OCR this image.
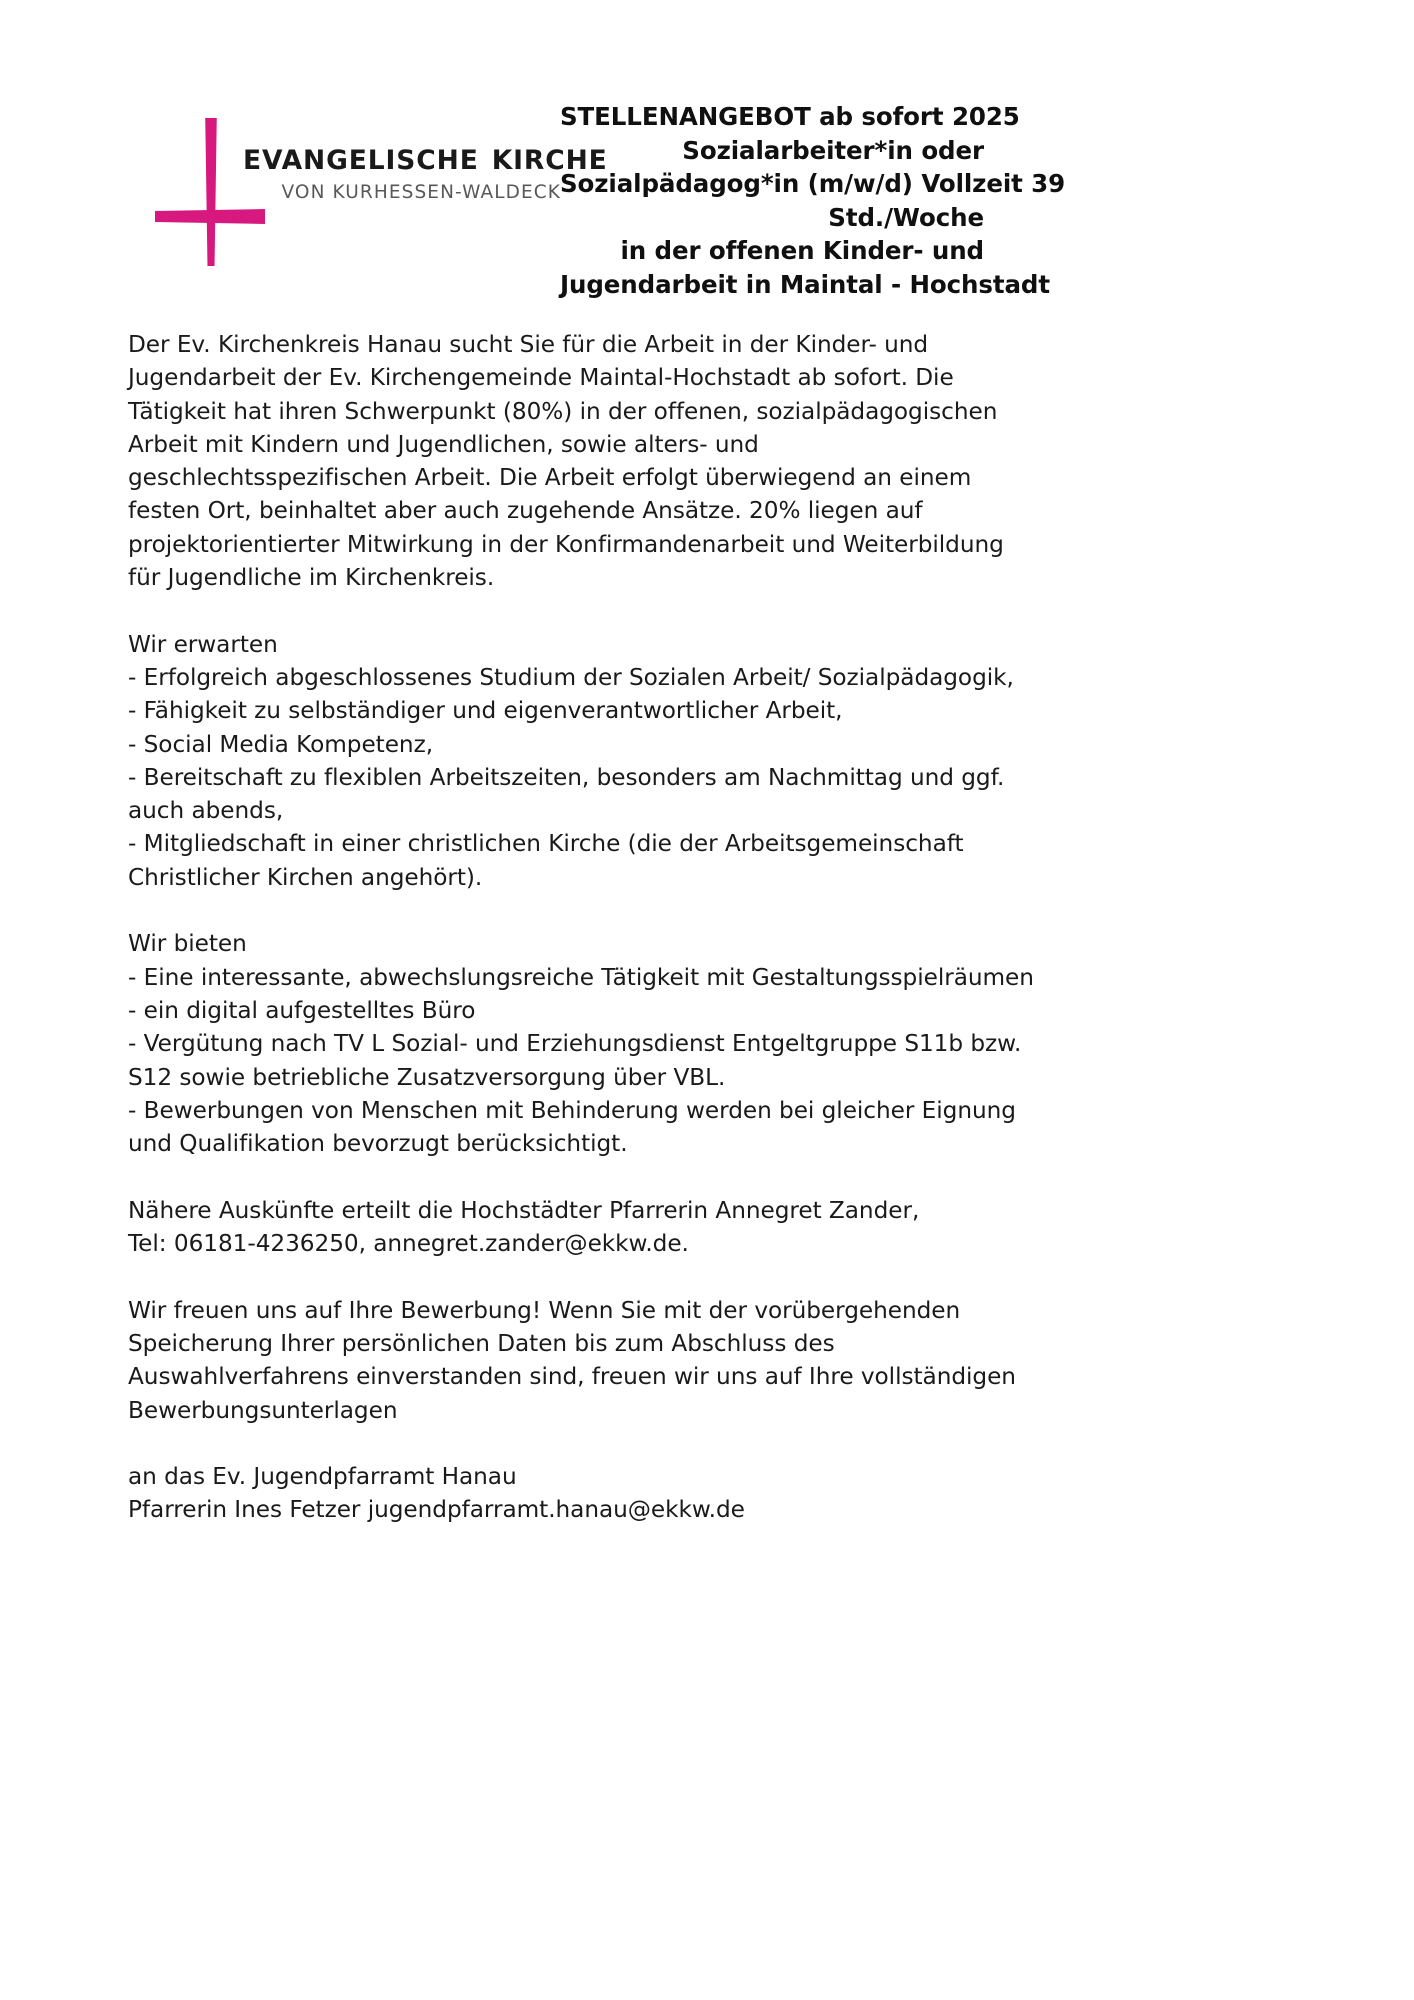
EVANGELISCHE KIRCHE
VON KURHESSEN-WALDECK
STELLENANGEBOT ab sofort 2025
Sozialarbeiter*in oder
Sozialpädagog*in (m/w/d) Vollzeit 39
Std./Woche
in der offenen Kinder- und
Jugendarbeit in Maintal - Hochstadt
Der Ev. Kirchenkreis Hanau sucht Sie für die Arbeit in der Kinder- und
Jugendarbeit der Ev. Kirchengemeinde Maintal-Hochstadt ab sofort. Die
Tätigkeit hat ihren Schwerpunkt (80%) in der offenen, sozialpädagogischen
Arbeit mit Kindern und Jugendlichen, sowie alters- und
geschlechtsspezifischen Arbeit. Die Arbeit erfolgt überwiegend an einem
festen Ort, beinhaltet aber auch zugehende Ansätze. 20% liegen auf
projektorientierter Mitwirkung in der Konfirmandenarbeit und Weiterbildung
für Jugendliche im Kirchenkreis.
Wir erwarten
- Erfolgreich abgeschlossenes Studium der Sozialen Arbeit/ Sozialpädagogik,
- Fähigkeit zu selbständiger und eigenverantwortlicher Arbeit,
- Social Media Kompetenz,
- Bereitschaft zu flexiblen Arbeitszeiten, besonders am Nachmittag und ggf.
auch abends,
- Mitgliedschaft in einer christlichen Kirche (die der Arbeitsgemeinschaft
Christlicher Kirchen angehört).
Wir bieten
- Eine interessante, abwechslungsreiche Tätigkeit mit Gestaltungsspielräumen
- ein digital aufgestelltes Büro
- Vergütung nach TV L Sozial- und Erziehungsdienst Entgeltgruppe S11b bzw.
S12 sowie betriebliche Zusatzversorgung über VBL.
- Bewerbungen von Menschen mit Behinderung werden bei gleicher Eignung
und Qualifikation bevorzugt berücksichtigt.
Nähere Auskünfte erteilt die Hochstädter Pfarrerin Annegret Zander,
Tel: 06181-4236250, annegret.zander@ekkw.de.
Wir freuen uns auf Ihre Bewerbung! Wenn Sie mit der vorübergehenden
Speicherung Ihrer persönlichen Daten bis zum Abschluss des
Auswahlverfahrens einverstanden sind, freuen wir uns auf Ihre vollständigen
Bewerbungsunterlagen
an das Ev. Jugendpfarramt Hanau
Pfarrerin Ines Fetzer jugendpfarramt.hanau@ekkw.de
